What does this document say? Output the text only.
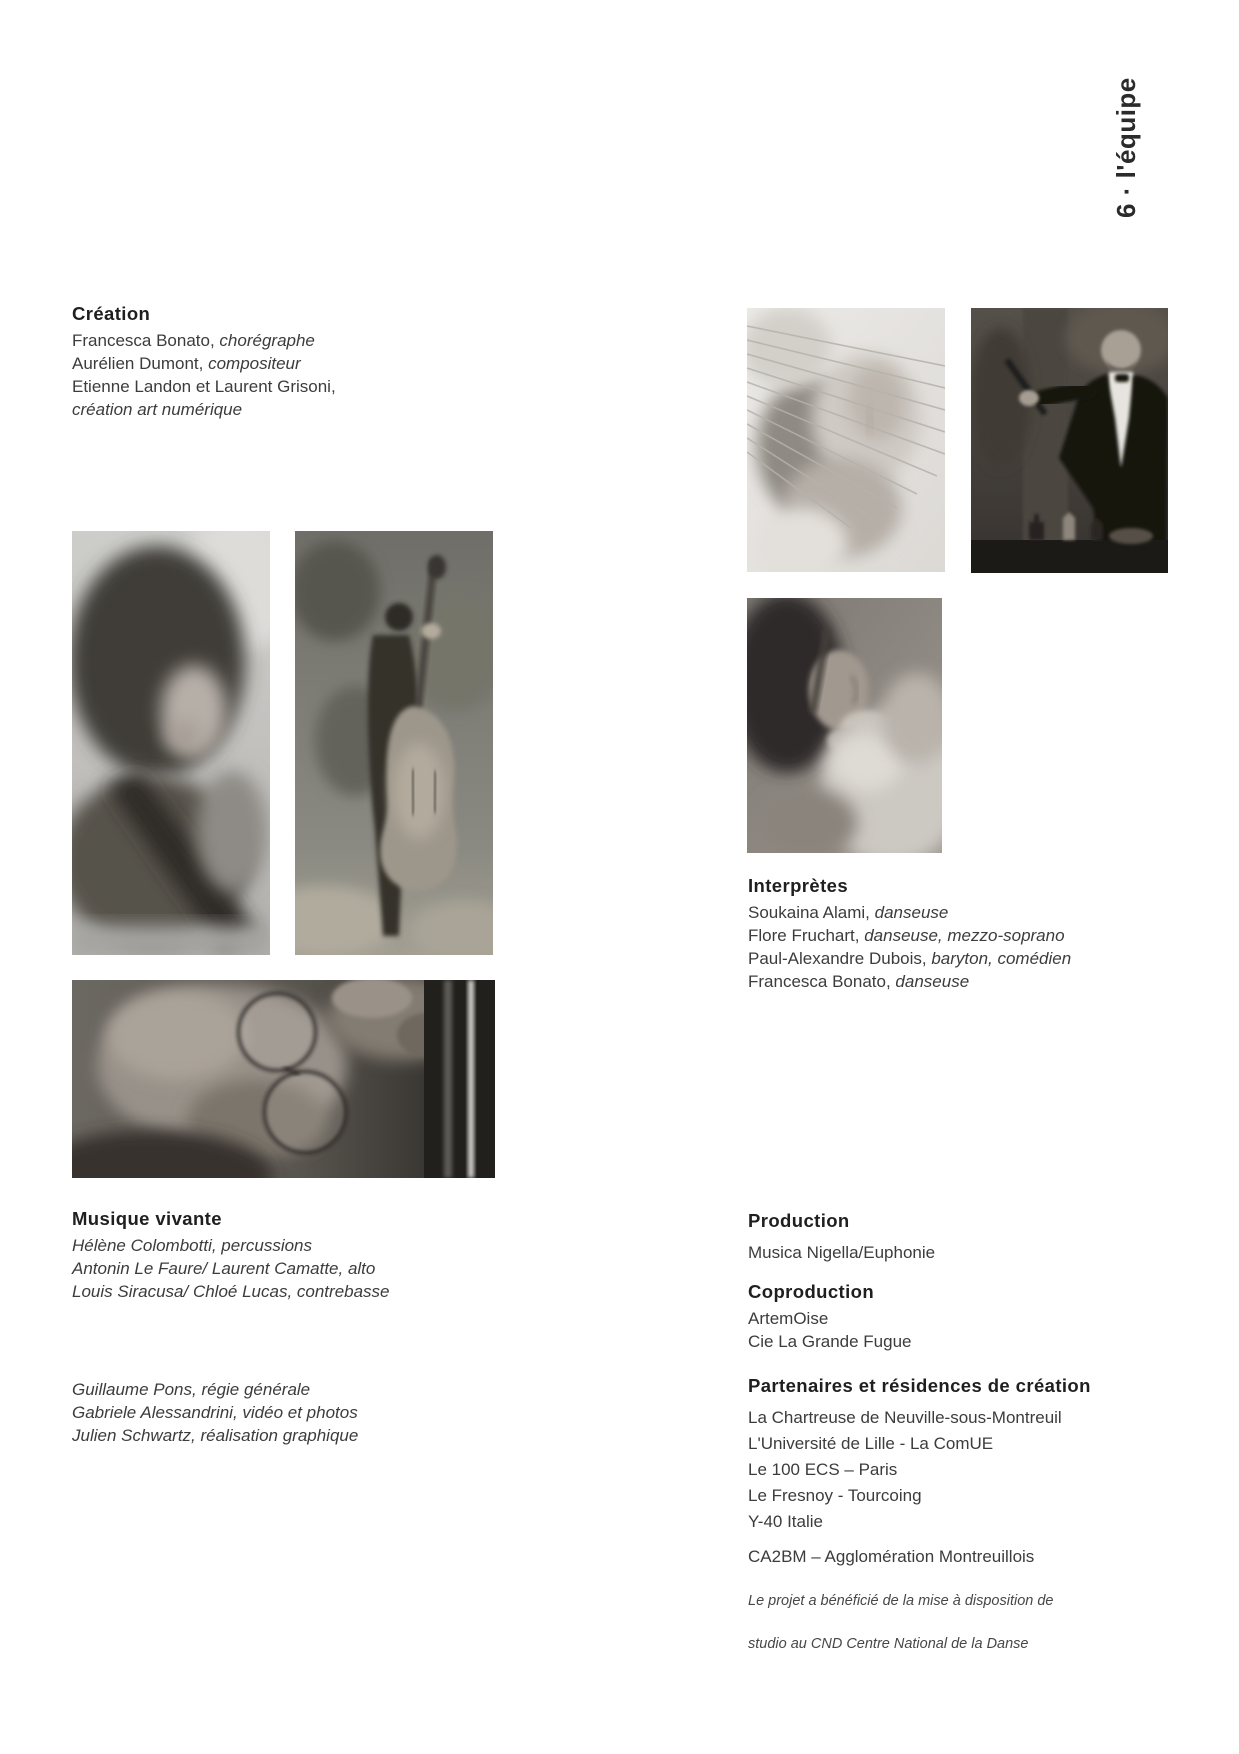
6 · l'équipe

Création

Francesca Bonato, chorégraphe

Aurélien Dumont, compositeur

Etienne Landon et Laurent Grisoni,

création art numérique

Musique vivante

Hélène Colombotti, percussions

Antonin Le Faure/ Laurent Camatte, alto

Louis Siracusa/ Chloé Lucas, contrebasse

Guillaume Pons, régie générale

Gabriele Alessandrini, vidéo et photos

Julien Schwartz, réalisation graphique

Interprètes

Soukaina Alami, danseuse

Flore Fruchart, danseuse, mezzo-soprano

Paul-Alexandre Dubois, baryton, comédien

Francesca Bonato, danseuse

Production

Musica Nigella/Euphonie

Coproduction

ArtemOise

Cie La Grande Fugue

Partenaires et résidences de création

La Chartreuse de Neuville-sous-Montreuil

L'Université de Lille - La ComUE

Le 100 ECS – Paris

Le Fresnoy - Tourcoing

Y-40 Italie

CA2BM – Agglomération Montreuillois

Le projet a bénéficié de la mise à disposition de

studio au CND Centre National de la Danse
